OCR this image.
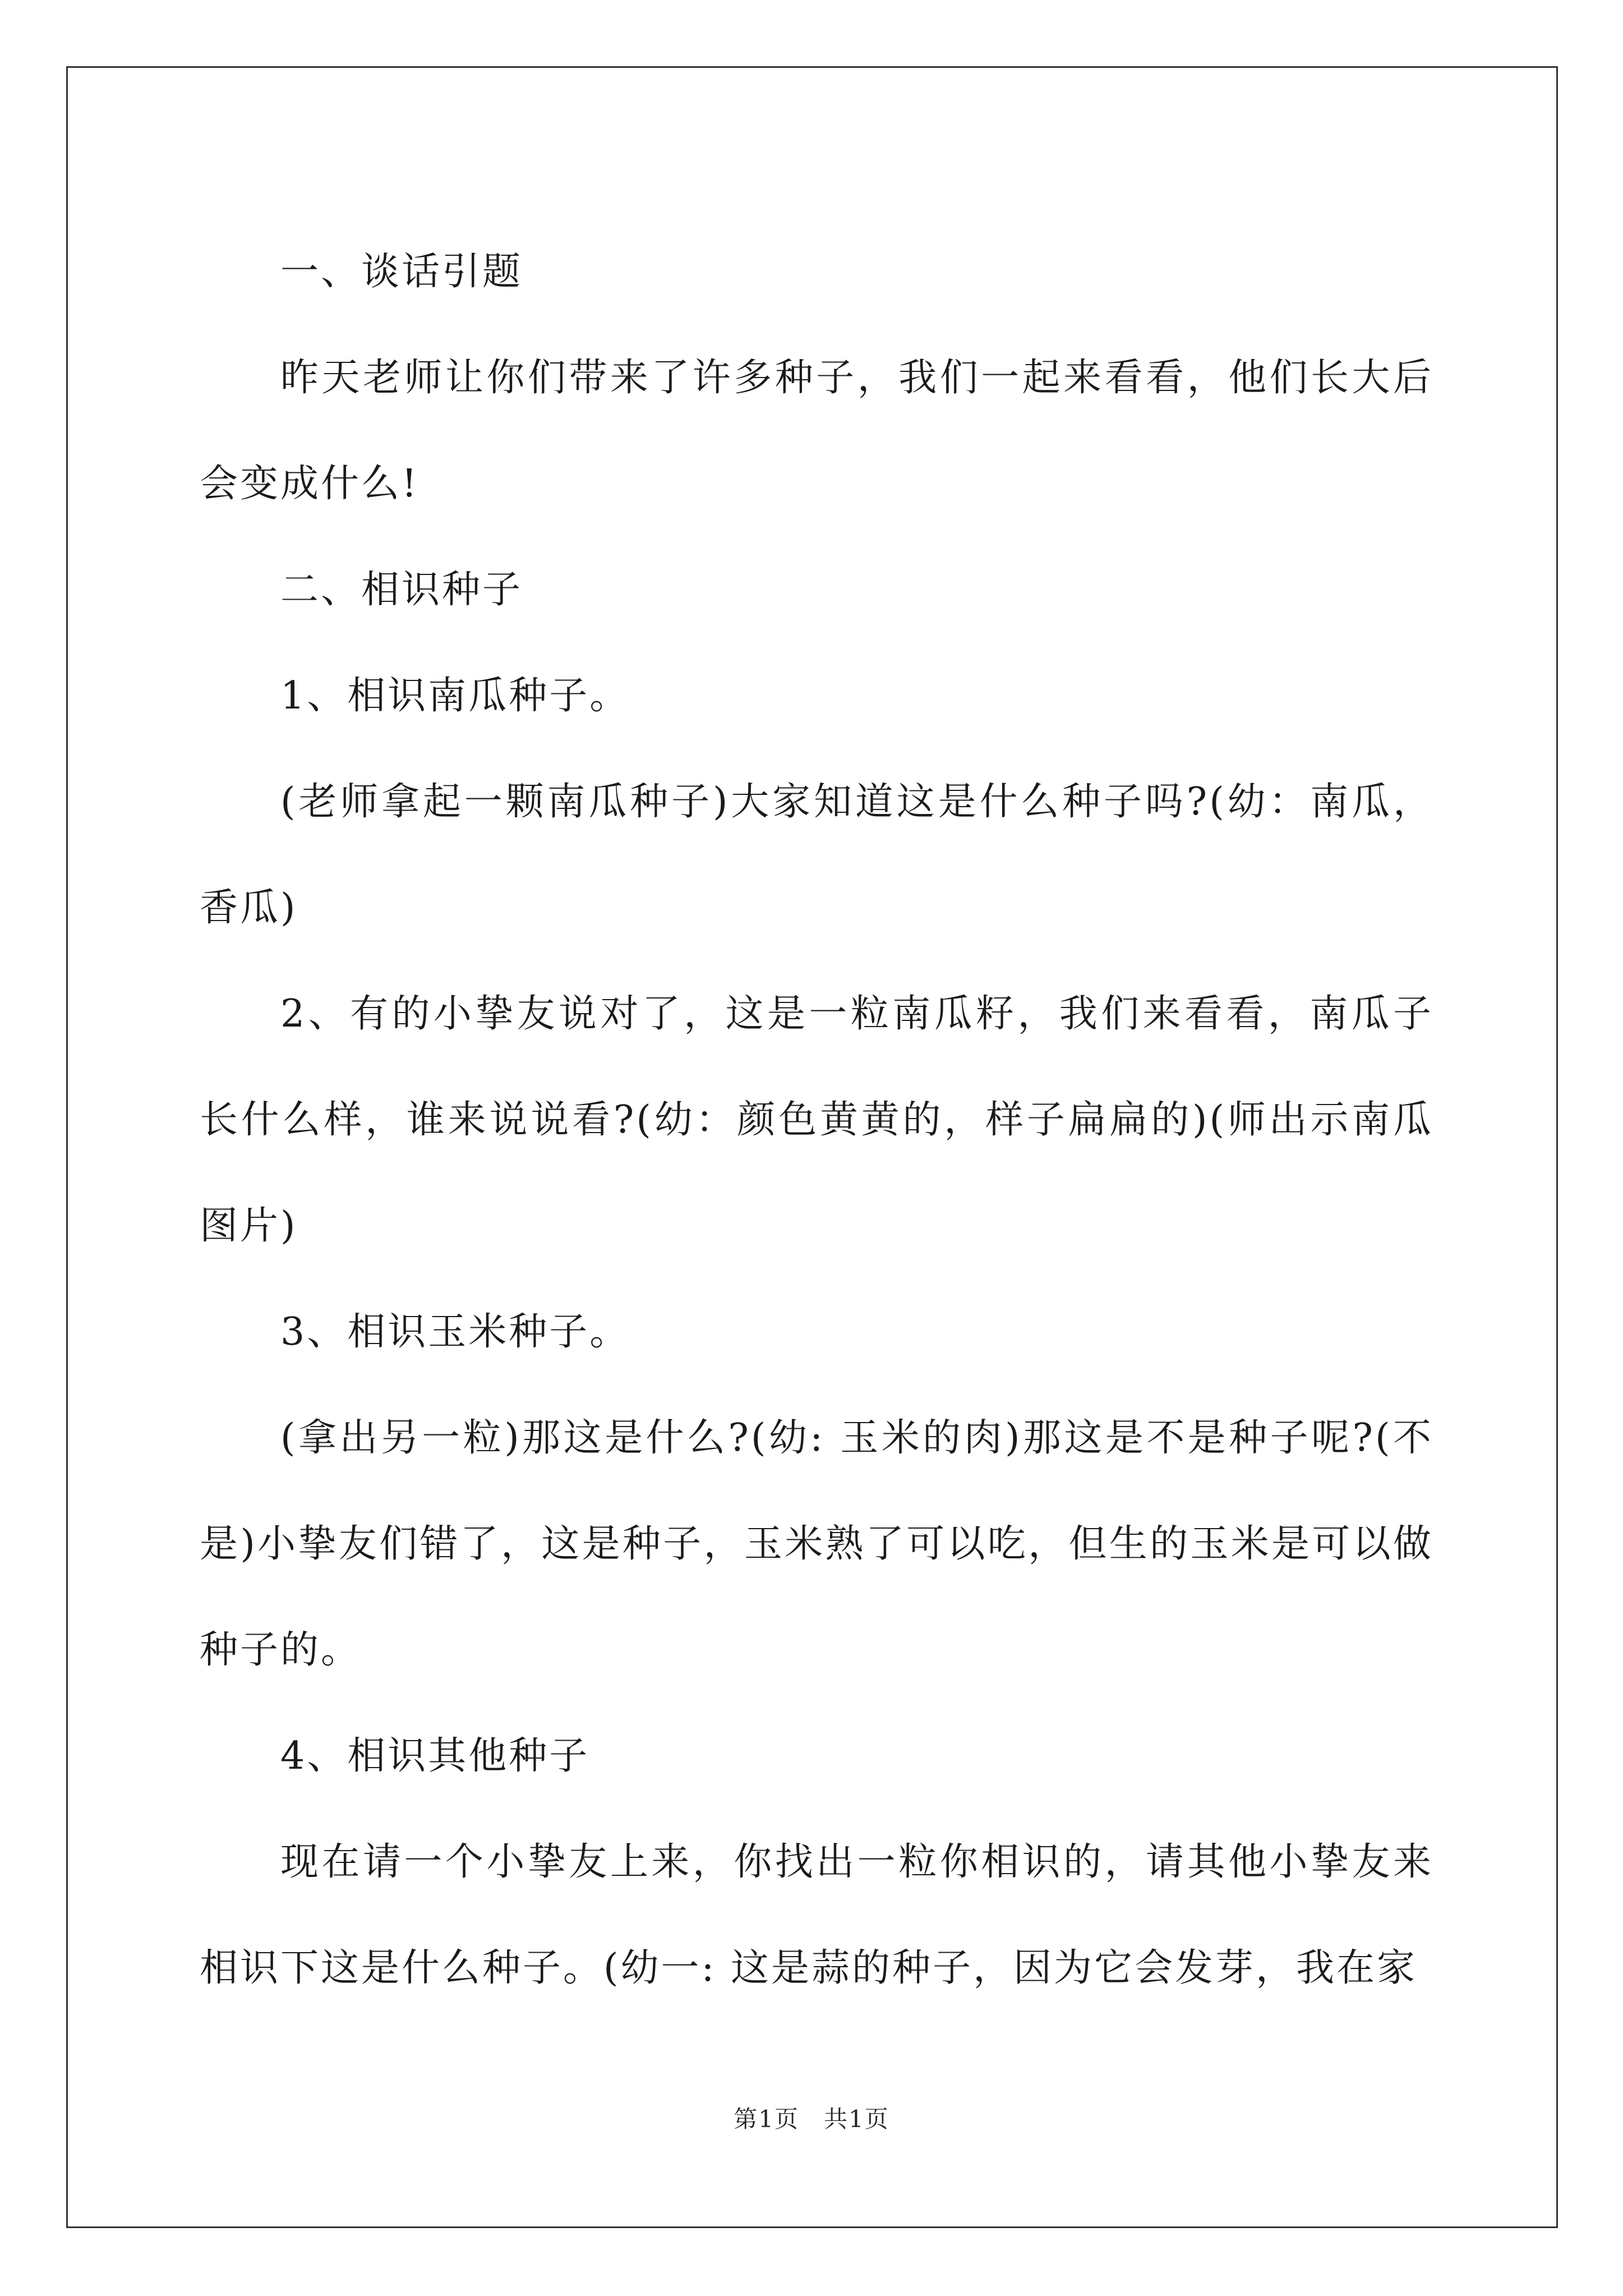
一、谈话引题

昨天老师让你们带来了许多种子，我们一起来看看，他们长大后会变成什么!

二、相识种子

1、相识南瓜种子。

(老师拿起一颗南瓜种子)大家知道这是什么种子吗?(幼：南瓜，香瓜)

2、有的小挚友说对了，这是一粒南瓜籽，我们来看看，南瓜子长什么样，谁来说说看?(幼：颜色黄黄的，样子扁扁的)(师出示南瓜图片)

3、相识玉米种子。

(拿出另一粒)那这是什么?(幼: 玉米的肉)那这是不是种子呢?(不是)小挚友们错了，这是种子，玉米熟了可以吃，但生的玉米是可以做种子的。

4、相识其他种子

现在请一个小挚友上来，你找出一粒你相识的，请其他小挚友来相识下这是什么种子。(幼一: 这是蒜的种子，因为它会发芽，我在家

第1页　共1页
